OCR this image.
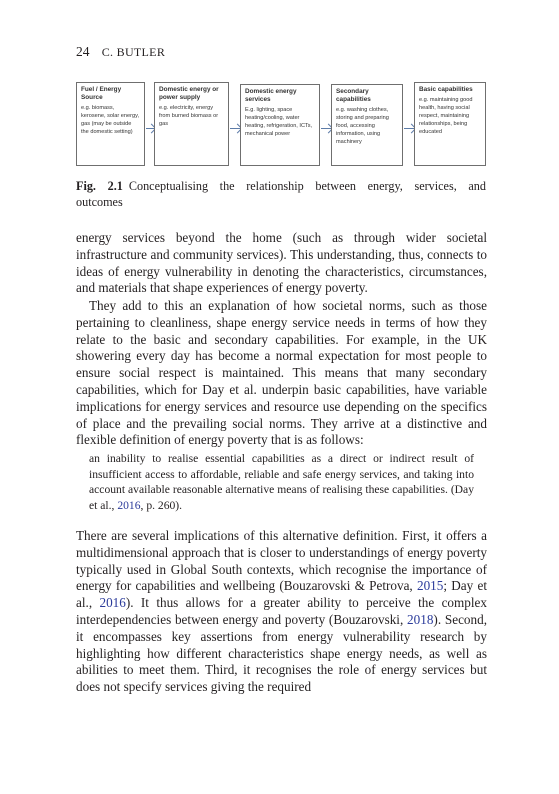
24 C. BUTLER
Fuel / Energy Source
e.g. biomass, kerosene, solar energy, gas (may be outside the domestic setting)
Domestic energy or power supply
e.g. electricity, energy from burned biomass or gas
Domestic energy services
E.g. lighting, space heating/cooling, water heating, refrigeration, ICTs, mechanical power
Secondary capabilities
e.g. washing clothes, storing and preparing food, accessing information, using machinery
Basic capabilities
e.g. maintaining good health, having social respect, maintaining relationships, being educated
Fig. 2.1 Conceptualising the relationship between energy, services, and
outcomes

energy services beyond the home (such as through wider societal infrastructure and community services). This understanding, thus, connects to ideas of energy vulnerability in denoting the characteristics, circumstances, and materials that shape experiences of energy poverty.

They add to this an explanation of how societal norms, such as those pertaining to cleanliness, shape energy service needs in terms of how they relate to the basic and secondary capabilities. For example, in the UK showering every day has become a normal expectation for most people to ensure social respect is maintained. This means that many secondary capabilities, which for Day et al. underpin basic capabilities, have variable implications for energy services and resource use depending on the specifics of place and the prevailing social norms. They arrive at a distinctive and flexible definition of energy poverty that is as follows:

an inability to realise essential capabilities as a direct or indirect result of insufficient access to affordable, reliable and safe energy services, and taking into account available reasonable alternative means of realising these capabilities. (Day et al., 2016, p. 260).

There are several implications of this alternative definition. First, it offers a multidimensional approach that is closer to understandings of energy poverty typically used in Global South contexts, which recognise the importance of energy for capabilities and wellbeing (Bouzarovski & Petrova, 2015; Day et al., 2016). It thus allows for a greater ability to perceive the complex interdependencies between energy and poverty (Bouzarovski, 2018). Second, it encompasses key assertions from energy vulnerability research by highlighting how different characteristics shape energy needs, as well as abilities to meet them. Third, it recognises the role of energy services but does not specify services giving the required
